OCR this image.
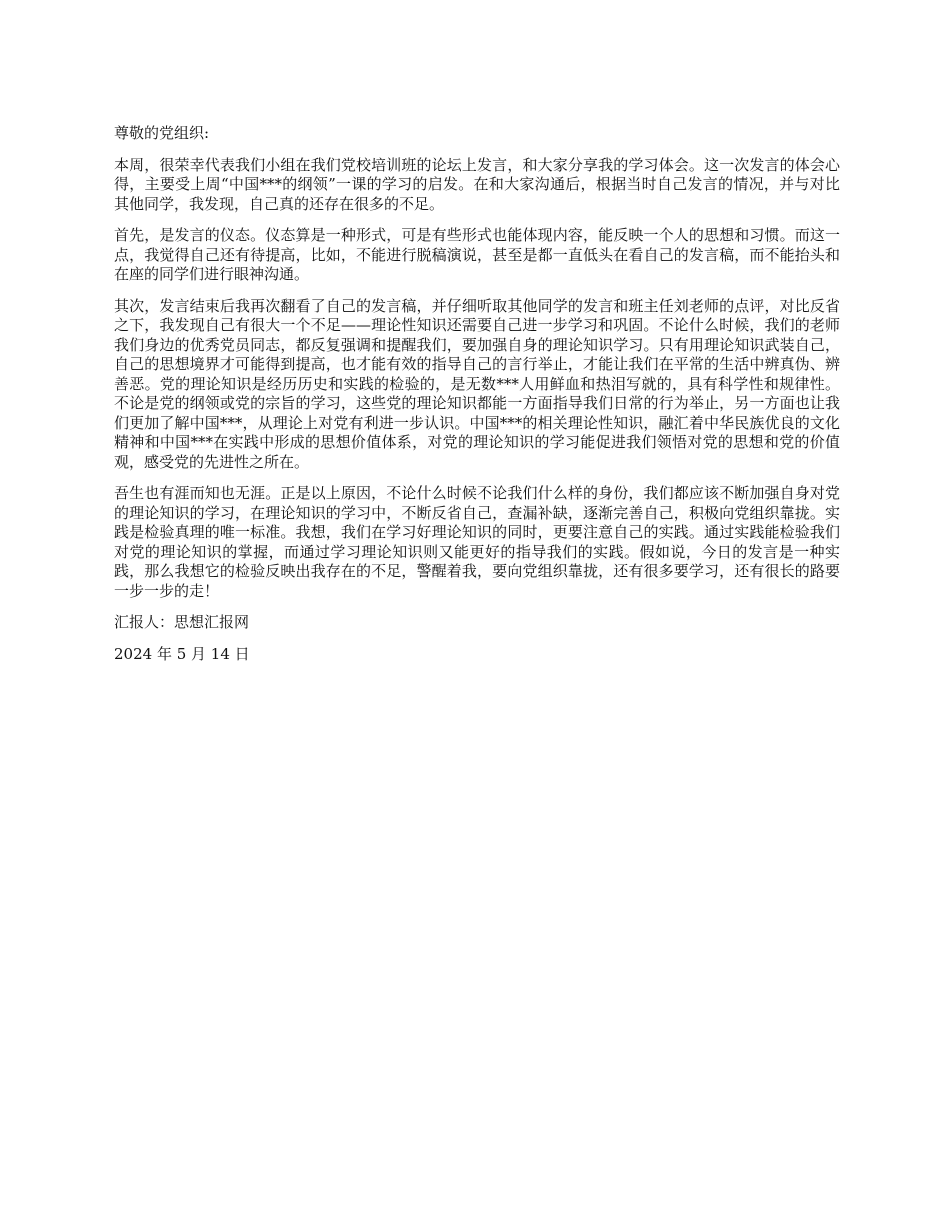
尊敬的党组织:

本周，很荣幸代表我们小组在我们党校培训班的论坛上发言，和大家分享我的学习体会。这一次发言的体会心得，主要受上周“中国***的纲领”一课的学习的启发。在和大家沟通后，根据当时自己发言的情况，并与对比其他同学，我发现，自己真的还存在很多的不足。

首先，是发言的仪态。仪态算是一种形式，可是有些形式也能体现内容，能反映一个人的思想和习惯。而这一点，我觉得自己还有待提高，比如，不能进行脱稿演说，甚至是都一直低头在看自己的发言稿，而不能抬头和在座的同学们进行眼神沟通。

其次，发言结束后我再次翻看了自己的发言稿，并仔细听取其他同学的发言和班主任刘老师的点评，对比反省之下，我发现自己有很大一个不足——理论性知识还需要自己进一步学习和巩固。不论什么时候，我们的老师我们身边的优秀党员同志，都反复强调和提醒我们，要加强自身的理论知识学习。只有用理论知识武装自己，自己的思想境界才可能得到提高，也才能有效的指导自己的言行举止，才能让我们在平常的生活中辨真伪、辨善恶。党的理论知识是经历历史和实践的检验的，是无数***人用鲜血和热泪写就的，具有科学性和规律性。不论是党的纲领或党的宗旨的学习，这些党的理论知识都能一方面指导我们日常的行为举止，另一方面也让我们更加了解中国***，从理论上对党有利进一步认识。中国***的相关理论性知识，融汇着中华民族优良的文化精神和中国***在实践中形成的思想价值体系，对党的理论知识的学习能促进我们领悟对党的思想和党的价值观，感受党的先进性之所在。

吾生也有涯而知也无涯。正是以上原因，不论什么时候不论我们什么样的身份，我们都应该不断加强自身对党的理论知识的学习，在理论知识的学习中，不断反省自己，查漏补缺，逐渐完善自己，积极向党组织靠拢。实践是检验真理的唯一标准。我想，我们在学习好理论知识的同时，更要注意自己的实践。通过实践能检验我们对党的理论知识的掌握，而通过学习理论知识则又能更好的指导我们的实践。假如说，今日的发言是一种实践，那么我想它的检验反映出我存在的不足，警醒着我，要向党组织靠拢，还有很多要学习，还有很长的路要一步一步的走！

汇报人：思想汇报网

2024 年 5 月 14 日
